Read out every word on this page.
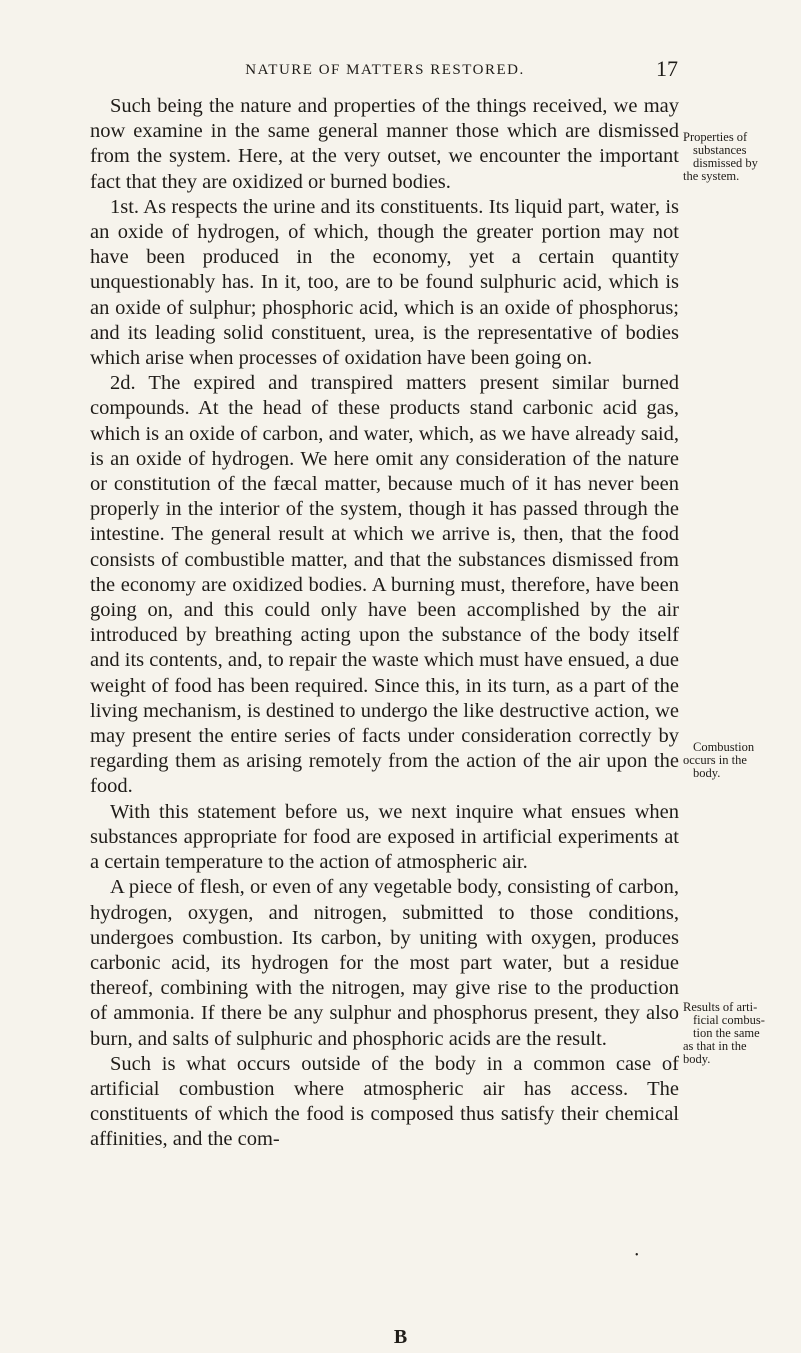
NATURE OF MATTERS RESTORED.	17

Such being the nature and properties of the things received, we may now examine in the same general manner those which are dismissed from the system. Here, at the very outset, we encounter the important fact that they are oxidized or burned bodies.

1st. As respects the urine and its constituents. Its liquid part, water, is an oxide of hydrogen, of which, though the greater portion may not have been produced in the economy, yet a certain quantity unquestionably has. In it, too, are to be found sulphuric acid, which is an oxide of sulphur; phosphoric acid, which is an oxide of phosphorus; and its leading solid constituent, urea, is the representative of bodies which arise when processes of oxidation have been going on.

2d. The expired and transpired matters present similar burned compounds. At the head of these products stand carbonic acid gas, which is an oxide of carbon, and water, which, as we have already said, is an oxide of hydrogen. We here omit any consideration of the nature or constitution of the fæcal matter, because much of it has never been properly in the interior of the system, though it has passed through the intestine. The general result at which we arrive is, then, that the food consists of combustible matter, and that the substances dismissed from the economy are oxidized bodies. A burning must, therefore, have been going on, and this could only have been accomplished by the air introduced by breathing acting upon the substance of the body itself and its contents, and, to repair the waste which must have ensued, a due weight of food has been required. Since this, in its turn, as a part of the living mechanism, is destined to undergo the like destructive action, we may present the entire series of facts under consideration correctly by regarding them as arising remotely from the action of the air upon the food.

With this statement before us, we next inquire what ensues when substances appropriate for food are exposed in artificial experiments at a certain temperature to the action of atmospheric air.

A piece of flesh, or even of any vegetable body, consisting of carbon, hydrogen, oxygen, and nitrogen, submitted to those conditions, undergoes combustion. Its carbon, by uniting with oxygen, produces carbonic acid, its hydrogen for the most part water, but a residue thereof, combining with the nitrogen, may give rise to the production of ammonia. If there be any sulphur and phosphorus present, they also burn, and salts of sulphuric and phosphoric acids are the result.

Such is what occurs outside of the body in a common case of artificial combustion where atmospheric air has access. The constituents of which the food is composed thus satisfy their chemical affinities, and the com-

Properties of
substances
dismissed by
the system.
Combustion
occurs in the
body.
Results of arti-
ficial combus-
tion the same
as that in the
body.
•
B
